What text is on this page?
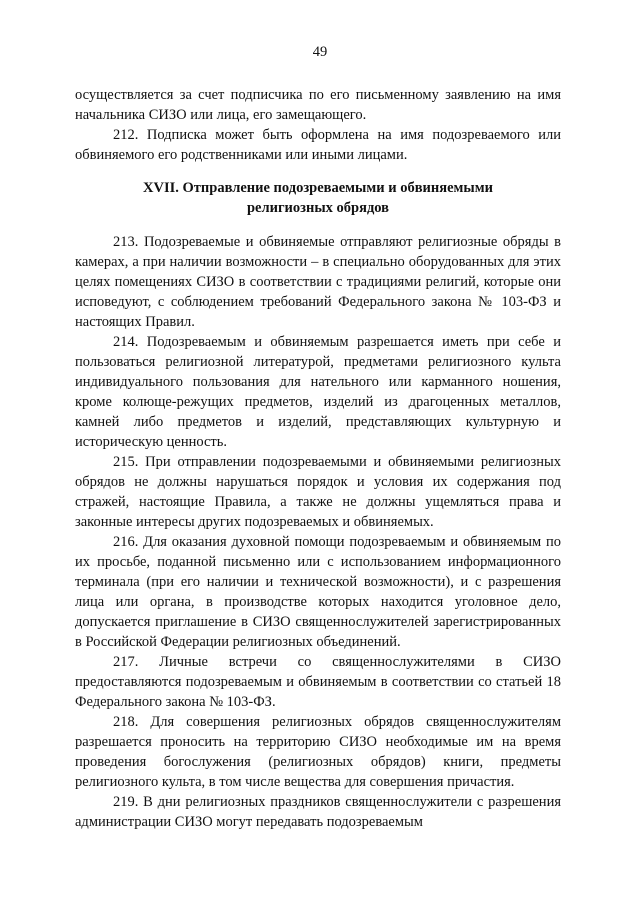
49

осуществляется за счет подписчика по его письменному заявлению на имя начальника СИЗО или лица, его замещающего.

212. Подписка может быть оформлена на имя подозреваемого или обвиняемого его родственниками или иными лицами.

XVII. Отправление подозреваемыми и обвиняемыми
религиозных обрядов

213. Подозреваемые и обвиняемые отправляют религиозные обряды в камерах, а при наличии возможности – в специально оборудованных для этих целях помещениях СИЗО в соответствии с традициями религий, которые они исповедуют, с соблюдением требований Федерального закона № 103-ФЗ и настоящих Правил.

214. Подозреваемым и обвиняемым разрешается иметь при себе и пользоваться религиозной литературой, предметами религиозного культа индивидуального пользования для нательного или карманного ношения, кроме колюще-режущих предметов, изделий из драгоценных металлов, камней либо предметов и изделий, представляющих культурную и историческую ценность.

215. При отправлении подозреваемыми и обвиняемыми религиозных обрядов не должны нарушаться порядок и условия их содержания под стражей, настоящие Правила, а также не должны ущемляться права и законные интересы других подозреваемых и обвиняемых.

216. Для оказания духовной помощи подозреваемым и обвиняемым по их просьбе, поданной письменно или с использованием информационного терминала (при его наличии и технической возможности), и с разрешения лица или органа, в производстве которых находится уголовное дело, допускается приглашение в СИЗО священнослужителей зарегистрированных в Российской Федерации религиозных объединений.

217. Личные встречи со священнослужителями в СИЗО предоставляются подозреваемым и обвиняемым в соответствии со статьей 18 Федерального закона № 103-ФЗ.

218. Для совершения религиозных обрядов священнослужителям разрешается проносить на территорию СИЗО необходимые им на время проведения богослужения (религиозных обрядов) книги, предметы религиозного культа, в том числе вещества для совершения причастия.

219. В дни религиозных праздников священнослужители с разрешения администрации СИЗО могут передавать подозреваемым
